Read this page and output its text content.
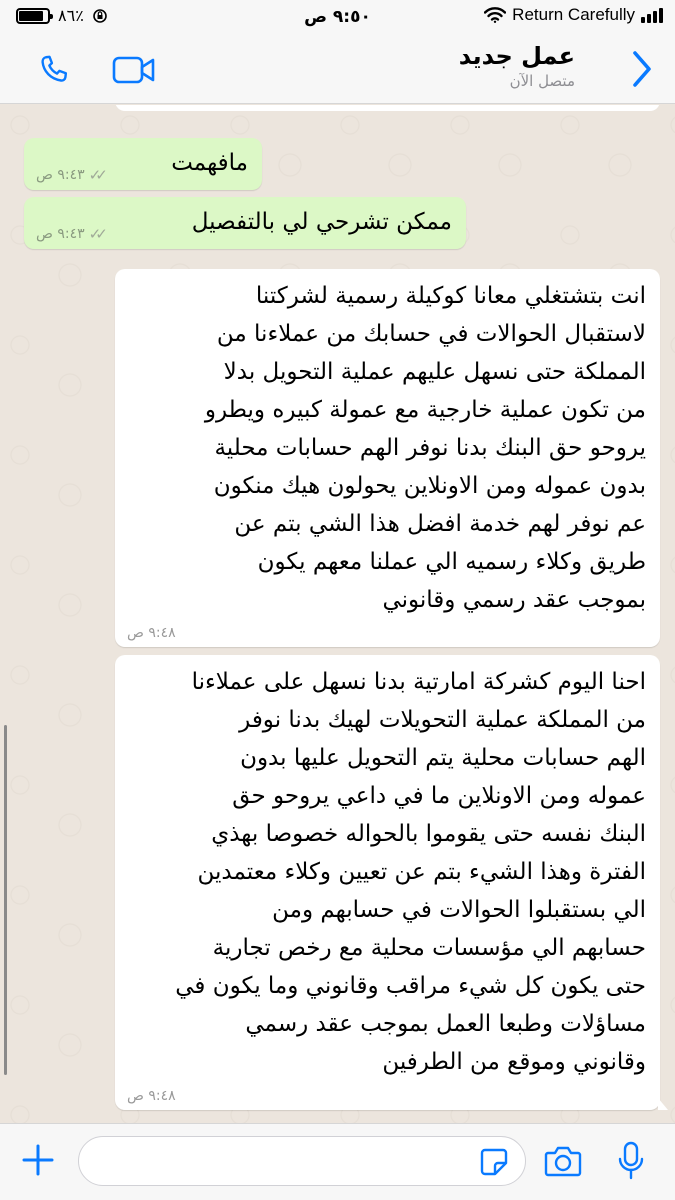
٨٦٪	٩:٥٠ ص	Return Carefully
عمل جديد
متصل الآن
مافهمت
٩:٤٣ ص ✓✓
ممكن تشرحي لي بالتفصيل
٩:٤٣ ص ✓✓
انت بتشتغلي معانا كوكيلة رسمية لشركتنا
لاستقبال الحوالات في حسابك من عملاءنا من
المملكة حتى نسهل عليهم عملية التحويل بدلا
من تكون عملية خارجية مع عمولة كبيره ويطرو
يروحو حق البنك بدنا نوفر الهم حسابات محلية
بدون عموله ومن الاونلاين يحولون هيك منكون
عم نوفر لهم خدمة افضل هذا الشي بتم عن
طريق وكلاء رسميه الي عملنا معهم يكون
بموجب عقد رسمي وقانوني
٩:٤٨ ص
احنا اليوم كشركة امارتية بدنا نسهل على عملاءنا
من المملكة عملية التحويلات لهيك بدنا نوفر
الهم حسابات محلية يتم التحويل عليها بدون
عموله ومن الاونلاين ما في داعي يروحو حق
البنك نفسه حتى يقوموا بالحواله خصوصا بهذي
الفترة وهذا الشيء بتم عن تعيين وكلاء معتمدين
الي بستقبلوا الحوالات في حسابهم ومن
حسابهم الي مؤسسات محلية مع رخص تجارية
حتى يكون كل شيء مراقب وقانوني وما يكون في
مساؤلات وطبعا العمل بموجب عقد رسمي
وقانوني وموقع من الطرفين
٩:٤٨ ص
